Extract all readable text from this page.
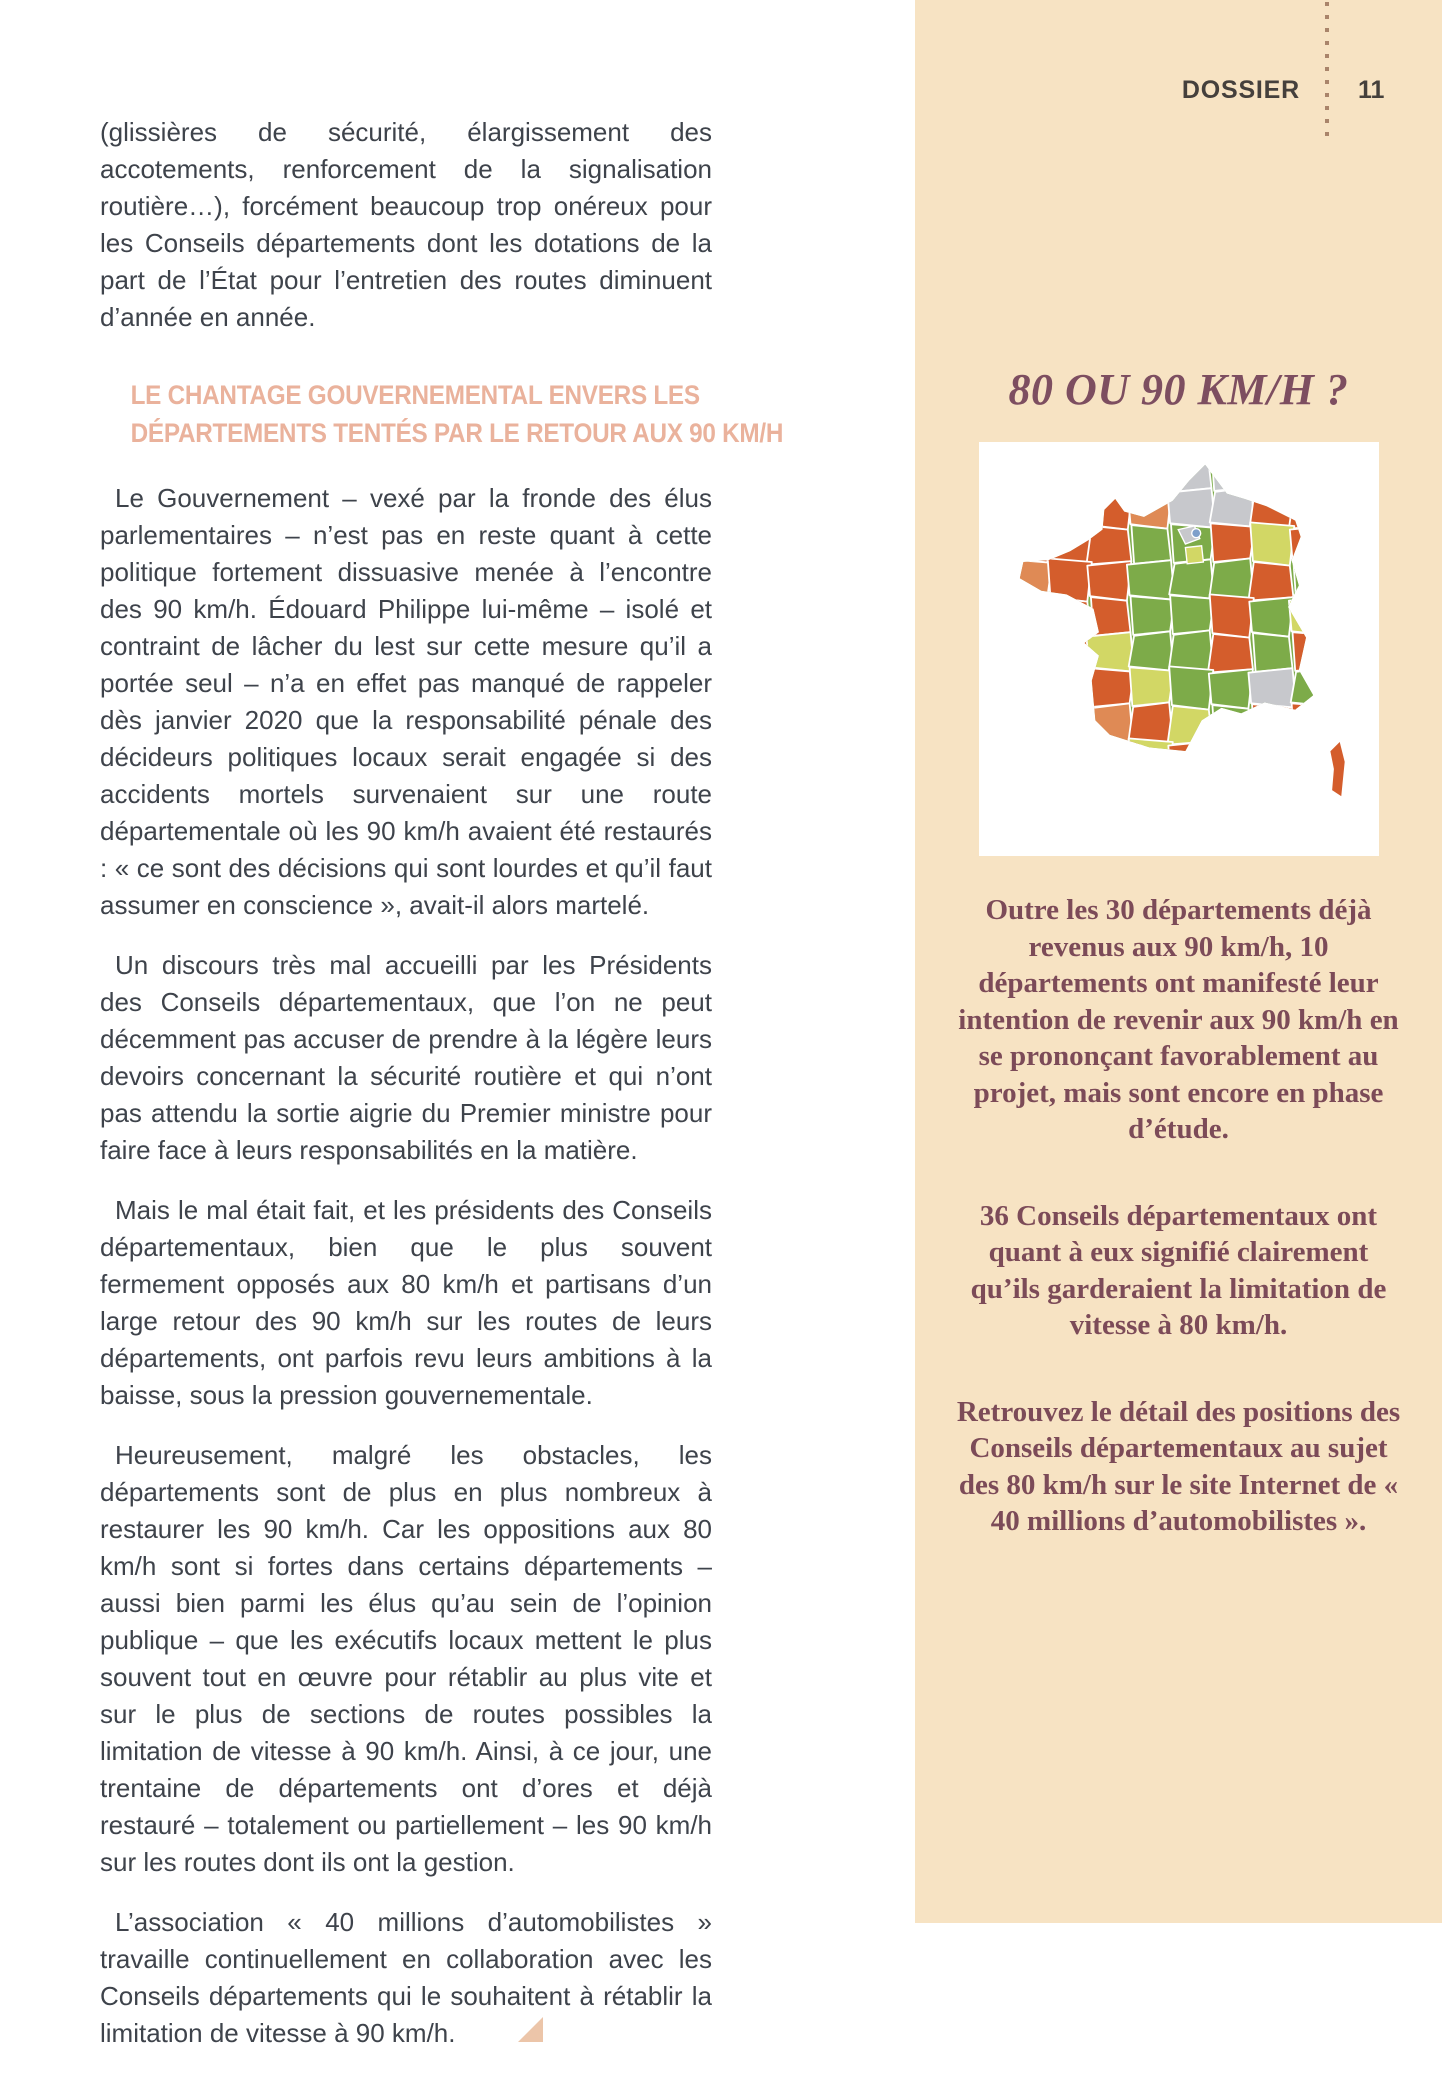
80 OU 90 KM/H ?
Outre les 30 départements déjà revenus aux 90 km/h, 10 départements ont manifesté leur intention de revenir aux 90 km/h en se prononçant favorablement au projet, mais sont encore en phase d’étude.
36 Conseils départementaux ont quant à eux signifié clairement qu’ils garderaient la limitation de vitesse à 80 km/h.
Retrouvez le détail des positions des Conseils départementaux au sujet des 80 km/h sur le site Internet de « 40 millions d’automobilistes ».
DOSSIER 11

(glissières de sécurité, élargissement des accotements, renforcement de la signalisation routière…), forcément beaucoup trop onéreux pour les Conseils départements dont les dotations de la part de l’État pour l’entretien des routes diminuent d’année en année.

LE CHANTAGE GOUVERNEMENTAL ENVERS LES
DÉPARTEMENTS TENTÉS PAR LE RETOUR AUX 90 KM/H

Le Gouvernement – vexé par la fronde des élus parlementaires – n’est pas en reste quant à cette politique fortement dissuasive menée à l’encontre des 90 km/h. Édouard Philippe lui-même – isolé et contraint de lâcher du lest sur cette mesure qu’il a portée seul – n’a en effet pas manqué de rappeler dès janvier 2020 que la responsabilité pénale des décideurs politiques locaux serait engagée si des accidents mortels survenaient sur une route départementale où les 90 km/h avaient été restaurés : « ce sont des décisions qui sont lourdes et qu’il faut assumer en conscience », avait-il alors martelé.

Un discours très mal accueilli par les Présidents des Conseils départementaux, que l’on ne peut décemment pas accuser de prendre à la légère leurs devoirs concernant la sécurité routière et qui n’ont pas attendu la sortie aigrie du Premier ministre pour faire face à leurs responsabilités en la matière.

Mais le mal était fait, et les présidents des Conseils départementaux, bien que le plus souvent fermement opposés aux 80 km/h et partisans d’un large retour des 90 km/h sur les routes de leurs départements, ont parfois revu leurs ambitions à la baisse, sous la pression gouvernementale.

Heureusement, malgré les obstacles, les départements sont de plus en plus nombreux à restaurer les 90 km/h. Car les oppositions aux 80 km/h sont si fortes dans certains départements – aussi bien parmi les élus qu’au sein de l’opinion publique – que les exécutifs locaux mettent le plus souvent tout en œuvre pour rétablir au plus vite et sur le plus de sections de routes possibles la limitation de vitesse à 90 km/h. Ainsi, à ce jour, une trentaine de départements ont d’ores et déjà restauré – totalement ou partiellement – les 90 km/h sur les routes dont ils ont la gestion.

L’association « 40 millions d’automobilistes » travaille continuellement en collaboration avec les Conseils départements qui le souhaitent à rétablir la limitation de vitesse à 90 km/h.
